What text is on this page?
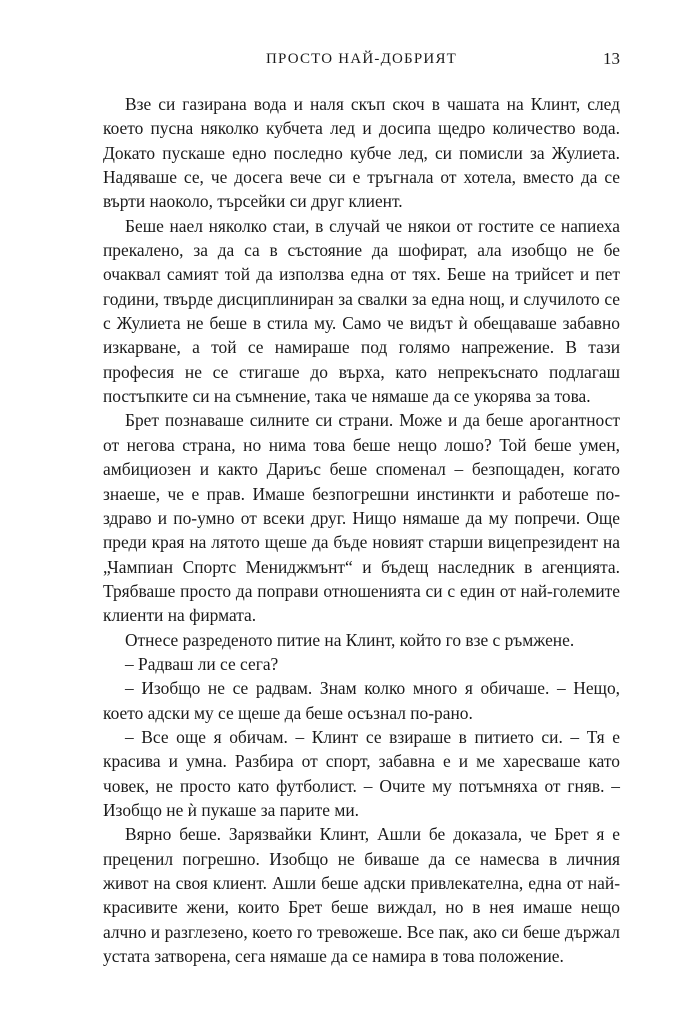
ПРОСТО НАЙ-ДОБРИЯТ	13

Взе си газирана вода и наля скъп скоч в чашата на Клинт, след което пусна няколко кубчета лед и досипа щедро количество вода. Докато пускаше едно последно кубче лед, си помисли за Жулиета. Надяваше се, че досега вече си е тръгнала от хотела, вместо да се върти наоколо, търсейки си друг клиент.

Беше наел няколко стаи, в случай че някои от гостите се напиеха прекалено, за да са в състояние да шофират, ала изобщо не бе очаквал самият той да използва една от тях. Беше на трийсет и пет години, твърде дисциплиниран за свалки за една нощ, и случилото се с Жулиета не беше в стила му. Само че видът ѝ обещаваше забавно изкарване, а той се намираше под голямо напрежение. В тази професия не се стигаше до върха, като непрекъснато подлагаш постъпките си на съмнение, така че нямаше да се укорява за това.

Брет познаваше силните си страни. Може и да беше арогантност от негова страна, но нима това беше нещо лошо? Той беше умен, амбициозен и както Дариъс беше споменал – безпощаден, когато знаеше, че е прав. Имаше безпогрешни инстинкти и работеше по-здраво и по-умно от всеки друг. Нищо нямаше да му попречи. Още преди края на лятото щеше да бъде новият старши вицепрезидент на „Чампиан Спортс Мениджмънт“ и бъдещ наследник в агенцията. Трябваше просто да поправи отношенията си с един от най-големите клиенти на фирмата.

Отнесе разреденото питие на Клинт, който го взе с ръмжене.

– Радваш ли се сега?

– Изобщо не се радвам. Знам колко много я обичаше. – Нещо, което адски му се щеше да беше осъзнал по-рано.

– Все още я обичам. – Клинт се взираше в питието си. – Тя е красива и умна. Разбира от спорт, забавна е и ме харесваше като човек, не просто като футболист. – Очите му потъмняха от гняв. – Изобщо не ѝ пукаше за парите ми.

Вярно беше. Зарязвайки Клинт, Ашли бе доказала, че Брет я е преценил погрешно. Изобщо не биваше да се намесва в личния живот на своя клиент. Ашли беше адски привлекателна, една от най-красивите жени, които Брет беше виждал, но в нея имаше нещо алчно и разглезено, което го тревожеше. Все пак, ако си беше държал устата затворена, сега нямаше да се намира в това положение.
